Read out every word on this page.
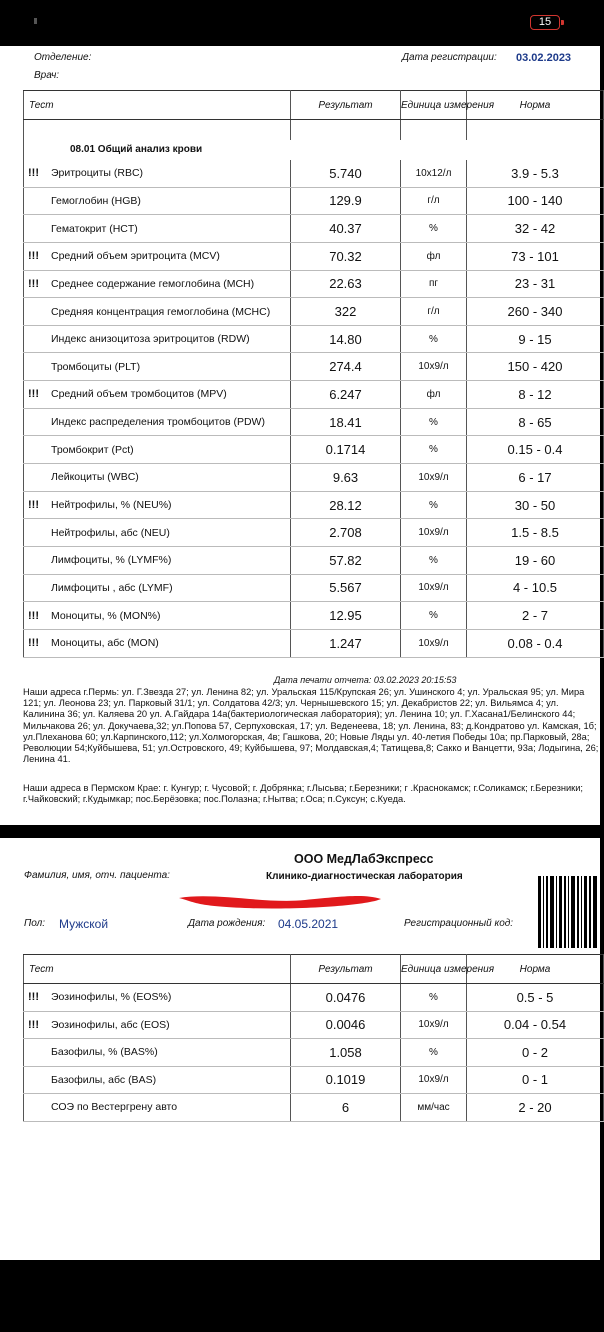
15
Отделение:
Врач:
Дата регистрации: 03.02.2023
Тест	Результат	Единица измерения	Норма

08.01 Общий анализ крови			

!!! Эритроциты (RBC)	5.740	10x12/л	3.9 - 5.3

Гемоглобин (HGB)	129.9	г/л	100 - 140

Гематокрит (HCT)	40.37	%	32 - 42

!!! Средний объем эритроцита (MCV)	70.32	фл	73 - 101

!!! Среднее содержание гемоглобина (MCH)	22.63	пг	23 - 31

Средняя концентрация гемоглобина (MCHC)	322	г/л	260 - 340

Индекс анизоцитоза эритроцитов (RDW)	14.80	%	9 - 15

Тромбоциты (PLT)	274.4	10x9/л	150 - 420

!!! Средний объем тромбоцитов (MPV)	6.247	фл	8 - 12

Индекс распределения тромбоцитов (PDW)	18.41	%	8 - 65

Тромбокрит (Pct)	0.1714	%	0.15 - 0.4

Лейкоциты (WBC)	9.63	10x9/л	6 - 17

!!! Нейтрофилы, % (NEU%)	28.12	%	30 - 50

Нейтрофилы, абс (NEU)	2.708	10x9/л	1.5 - 8.5

Лимфоциты, % (LYMF%)	57.82	%	19 - 60

Лимфоциты , абс (LYMF)	5.567	10x9/л	4 - 10.5

!!! Моноциты, % (MON%)	12.95	%	2 - 7

!!! Моноциты, абс (MON)	1.247	10x9/л	0.08 - 0.4
Дата печати отчета: 03.02.2023 20:15:53
Наши адреса г.Пермь: ул. Г.Звезда 27; ул. Ленина 82; ул. Уральская 115/Крупская 26; ул. Ушинского 4; ул. Уральская 95; ул. Мира 121; ул. Леонова 23; ул. Парковый 31/1; ул. Солдатова 42/3; ул. Чернышевского 15; ул. Декабристов 22; ул. Вильямса 4; ул. Калинина 36; ул. Каляева 20 ул. А.Гайдара 14а(бактериологическая лаборатория); ул. Ленина 10; ул. Г.Хасана1/Белинского 44; Мильчакова 26; ул. Докучаева,32; ул.Попова 57, Серпуховская, 17; ул. Веденеева, 18; ул. Ленина, 83; д.Кондратово ул. Камская, 1б; ул.Плеханова 60; ул.Карпинского,112; ул.Холмогорская, 4в; Гашкова, 20; Новые Ляды ул. 40-летия Победы 10а; пр.Парковый, 28а; Революции 54;Куйбышева, 51; ул.Островского, 49; Куйбышева, 97; Молдавская,4; Татищева,8; Сакко и Ванцетти, 93а; Лодыгина, 26; Ленина 41.
Наши адреса в Пермском Крае: г. Кунгур; г. Чусовой; г. Добрянка; г.Лысьва; г.Березники; г .Краснокамск; г.Соликамск; г.Березники; г.Чайковский; г.Кудымкар; пос.Берёзовка; пос.Полазна; г.Нытва; г.Оса; п.Суксун; с.Куеда.
ООО МедЛабЭкспресс
Клинико-диагностическая лаборатория
Фамилия, имя, отч. пациента:
Пол: Мужской	Дата рождения: 04.05.2021	Регистрационный код:
Тест	Результат	Единица измерения	Норма

!!! Эозинофилы, % (EOS%)	0.0476	%	0.5 - 5

!!! Эозинофилы, абс (EOS)	0.0046	10x9/л	0.04 - 0.54

Базофилы, % (BAS%)	1.058	%	0 - 2

Базофилы, абс (BAS)	0.1019	10x9/л	0 - 1

СОЭ по Вестергрену авто	6	мм/час	2 - 20
